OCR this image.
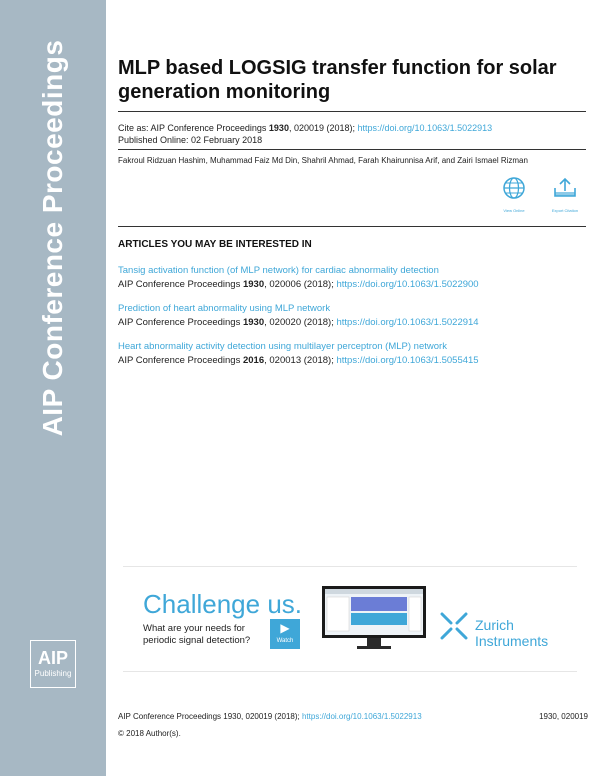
AIP Conference Proceedings
AIP
Publishing
MLP based LOGSIG transfer function for solar generation monitoring
Cite as: AIP Conference Proceedings 1930, 020019 (2018); https://doi.org/10.1063/1.5022913
Published Online: 02 February 2018
Fakroul Ridzuan Hashim, Muhammad Faiz Md Din, Shahril Ahmad, Farah Khairunnisa Arif, and Zairi Ismael Rizman
View Online	Export Citation
ARTICLES YOU MAY BE INTERESTED IN
Tansig activation function (of MLP network) for cardiac abnormality detection
AIP Conference Proceedings 1930, 020006 (2018); https://doi.org/10.1063/1.5022900
Prediction of heart abnormality using MLP network
AIP Conference Proceedings 1930, 020020 (2018); https://doi.org/10.1063/1.5022914
Heart abnormality activity detection using multilayer perceptron (MLP) network
AIP Conference Proceedings 2016, 020013 (2018); https://doi.org/10.1063/1.5055415
Challenge us.
What are your needs for
periodic signal detection?
▶
Watch
Zurich
Instruments
AIP Conference Proceedings 1930, 020019 (2018); https://doi.org/10.1063/1.5022913	1930, 020019
© 2018 Author(s).
